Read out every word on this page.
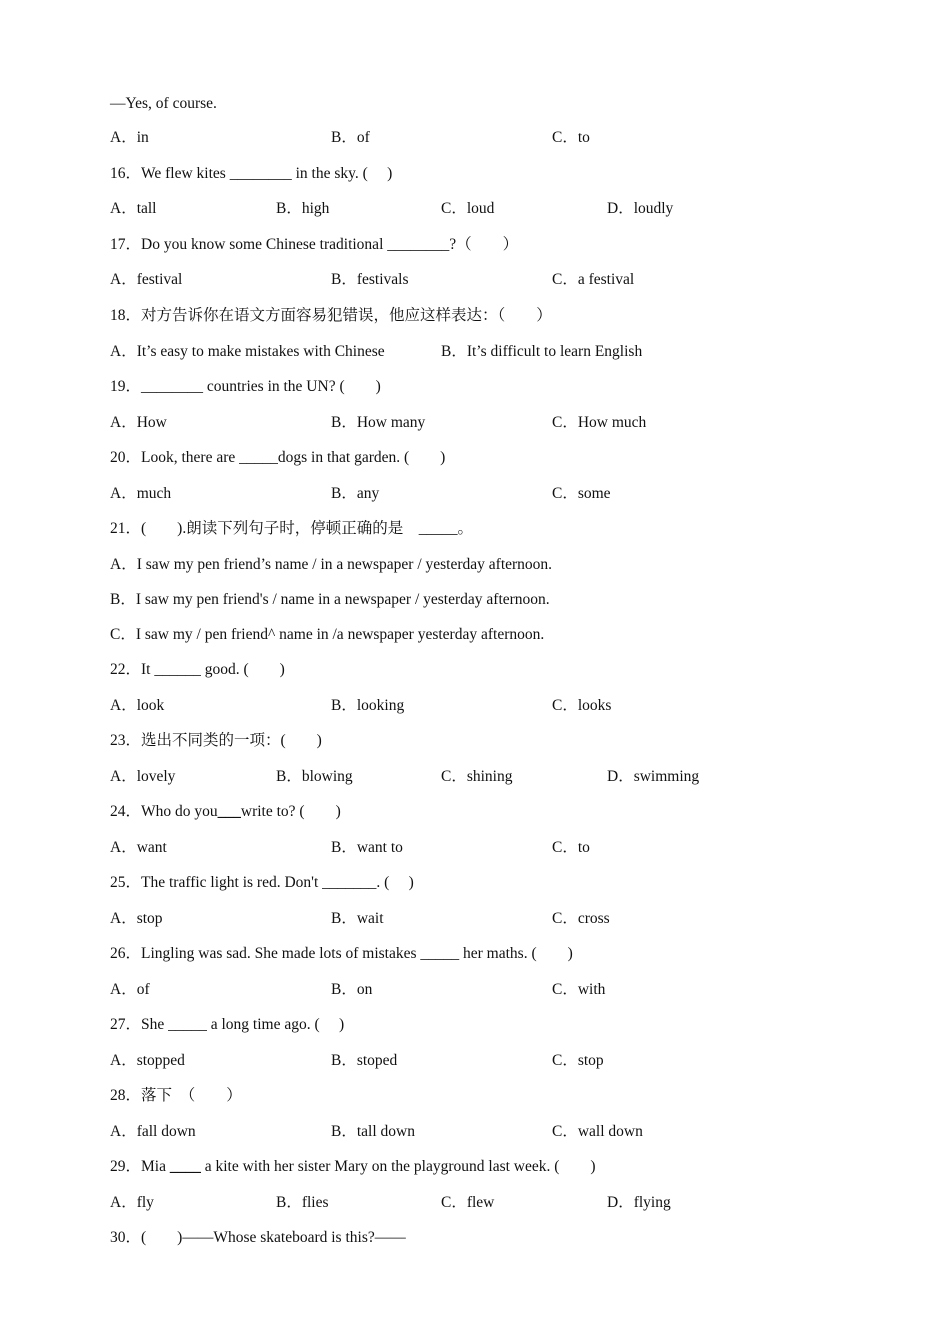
—Yes, of course.
A．in	B．of	C．to
16．We flew kites ________ in the sky. (　 )
A．tall	B．high	C．loud	D．loudly
17．Do you know some Chinese traditional ________?（　　）
A．festival	B．festivals	C．a festival
18．对方告诉你在语文方面容易犯错误，他应这样表达：（　　）
A．It’s easy to make mistakes with Chinese	B．It’s difficult to learn English
19．________ countries in the UN? (　　)
A．How	B．How many	C．How much
20．Look, there are _____dogs in that garden. (　　)
A．much	B．any	C．some
21．(　　).朗读下列句子时，停顿正确的是　_____。
A．I saw my pen friend’s name / in a newspaper / yesterday afternoon.
B．I saw my pen friend's / name in a newspaper / yesterday afternoon.
C．I saw my / pen friend^ name in /a newspaper yesterday afternoon.
22．It ______ good. (　　)
A．look	B．looking	C．looks
23．选出不同类的一项：(　　)
A．lovely	B．blowing	C．shining	D．swimming
24．Who do you___write to? (　　)
A．want	B．want to	C．to
25．The traffic light is red. Don't _______. (　 )
A．stop	B．wait	C．cross
26．Lingling was sad. She made lots of mistakes _____ her maths. (　　)
A．of	B．on	C．with
27．She _____ a long time ago. (　 )
A．stopped	B．stoped	C．stop
28．落下　（　　）
A．fall down	B．tall down	C．wall down
29．Mia ____ a kite with her sister Mary on the playground last week. (　　)
A．fly	B．flies	C．flew	D．flying
30．(　　)——Whose skateboard is this?——
